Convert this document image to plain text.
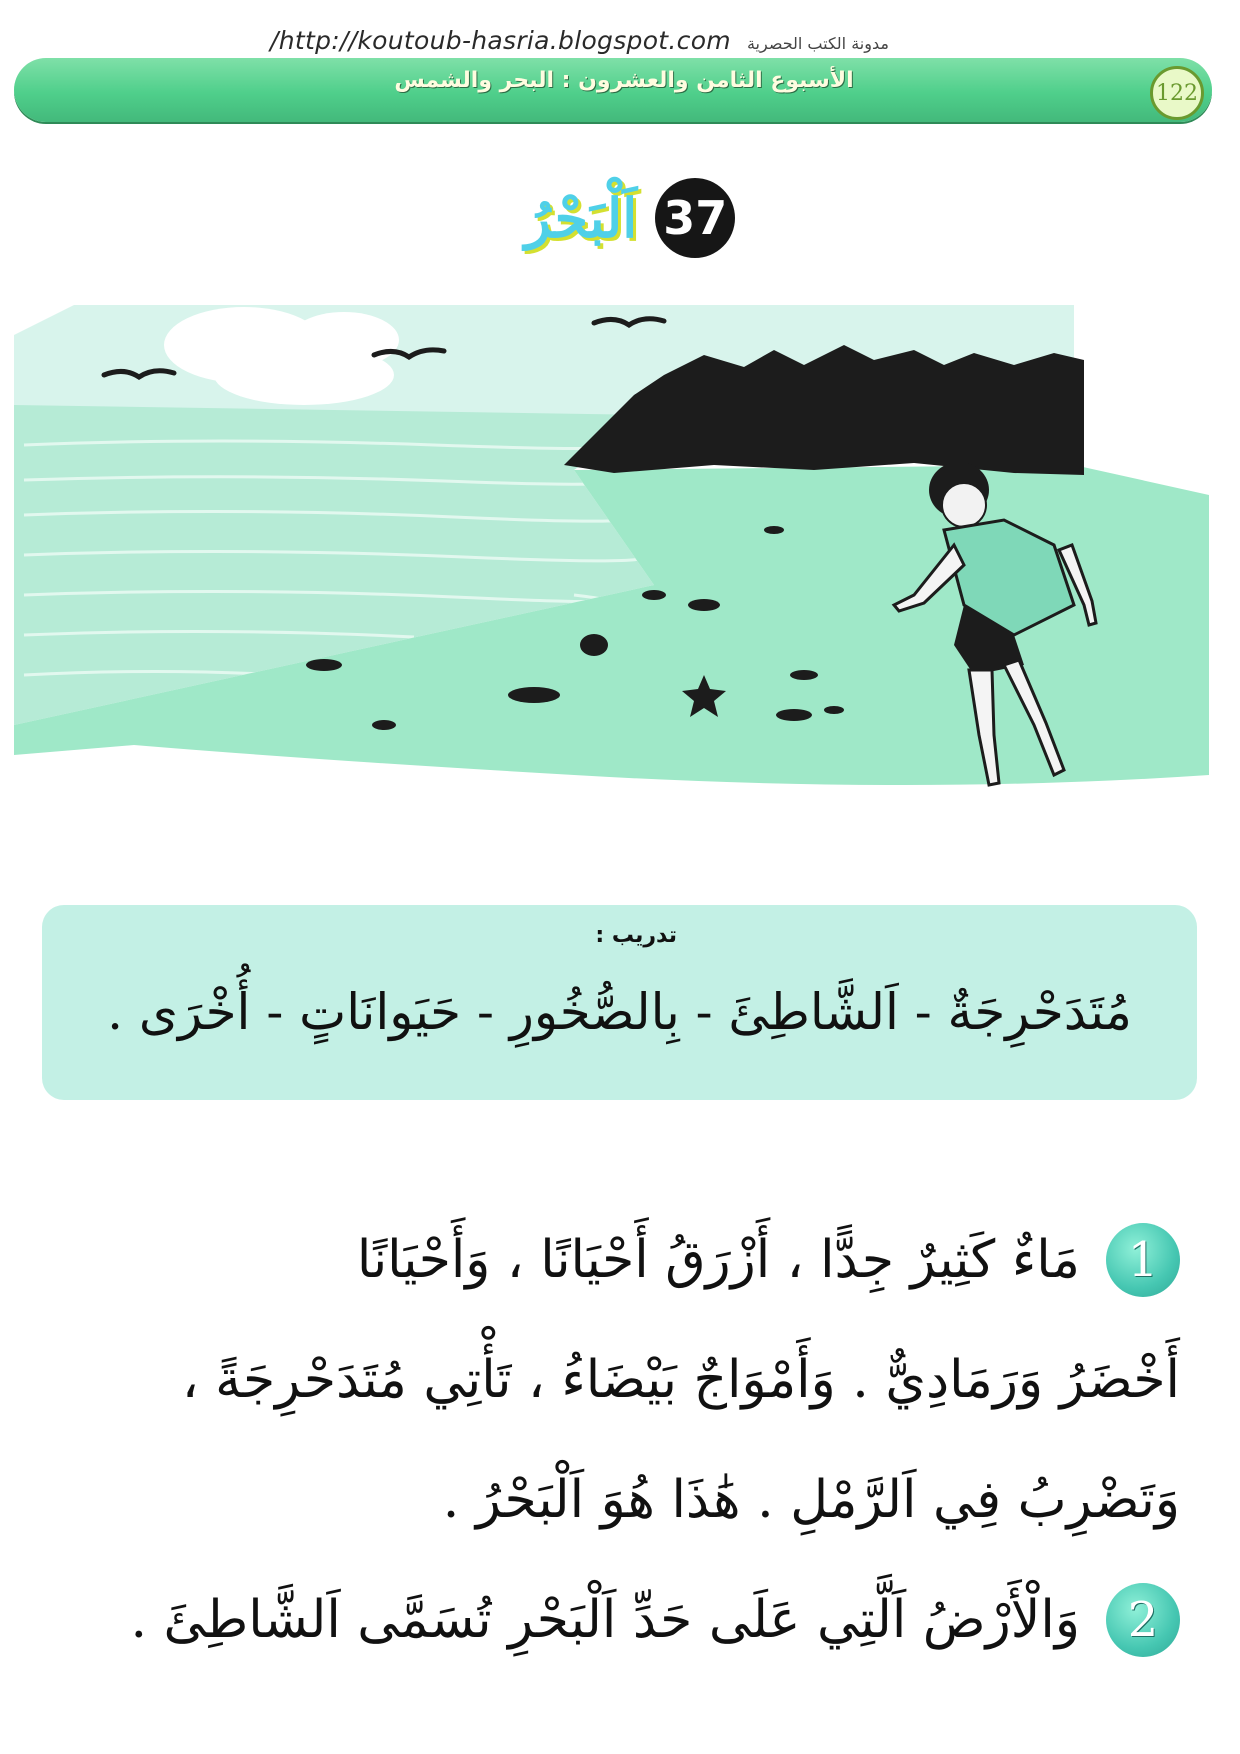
/http://koutoub-hasria.blogspot.com مدونة الكتب الحصرية
الأسبوع الثامن والعشرون : البحر والشمس	122
37
اَلْبَحْرُ
تدريب :
مُتَدَحْرِجَةٌ - اَلشَّاطِئَ - بِالصُّخُورِ - حَيَوانَاتٍ - أُخْرَى .
1
مَاءٌ كَثِيرٌ جِدًّا ، أَزْرَقُ أَحْيَانًا ، وَأَحْيَانًا
أَخْضَرُ وَرَمَادِيٌّ . وَأَمْوَاجٌ بَيْضَاءُ ، تَأْتِي مُتَدَحْرِجَةً ،
وَتَضْرِبُ فِي اَلرَّمْلِ . هَٰذَا هُوَ اَلْبَحْرُ .
2
وَالْأَرْضُ اَلَّتِي عَلَى حَدِّ اَلْبَحْرِ تُسَمَّى اَلشَّاطِئَ .
